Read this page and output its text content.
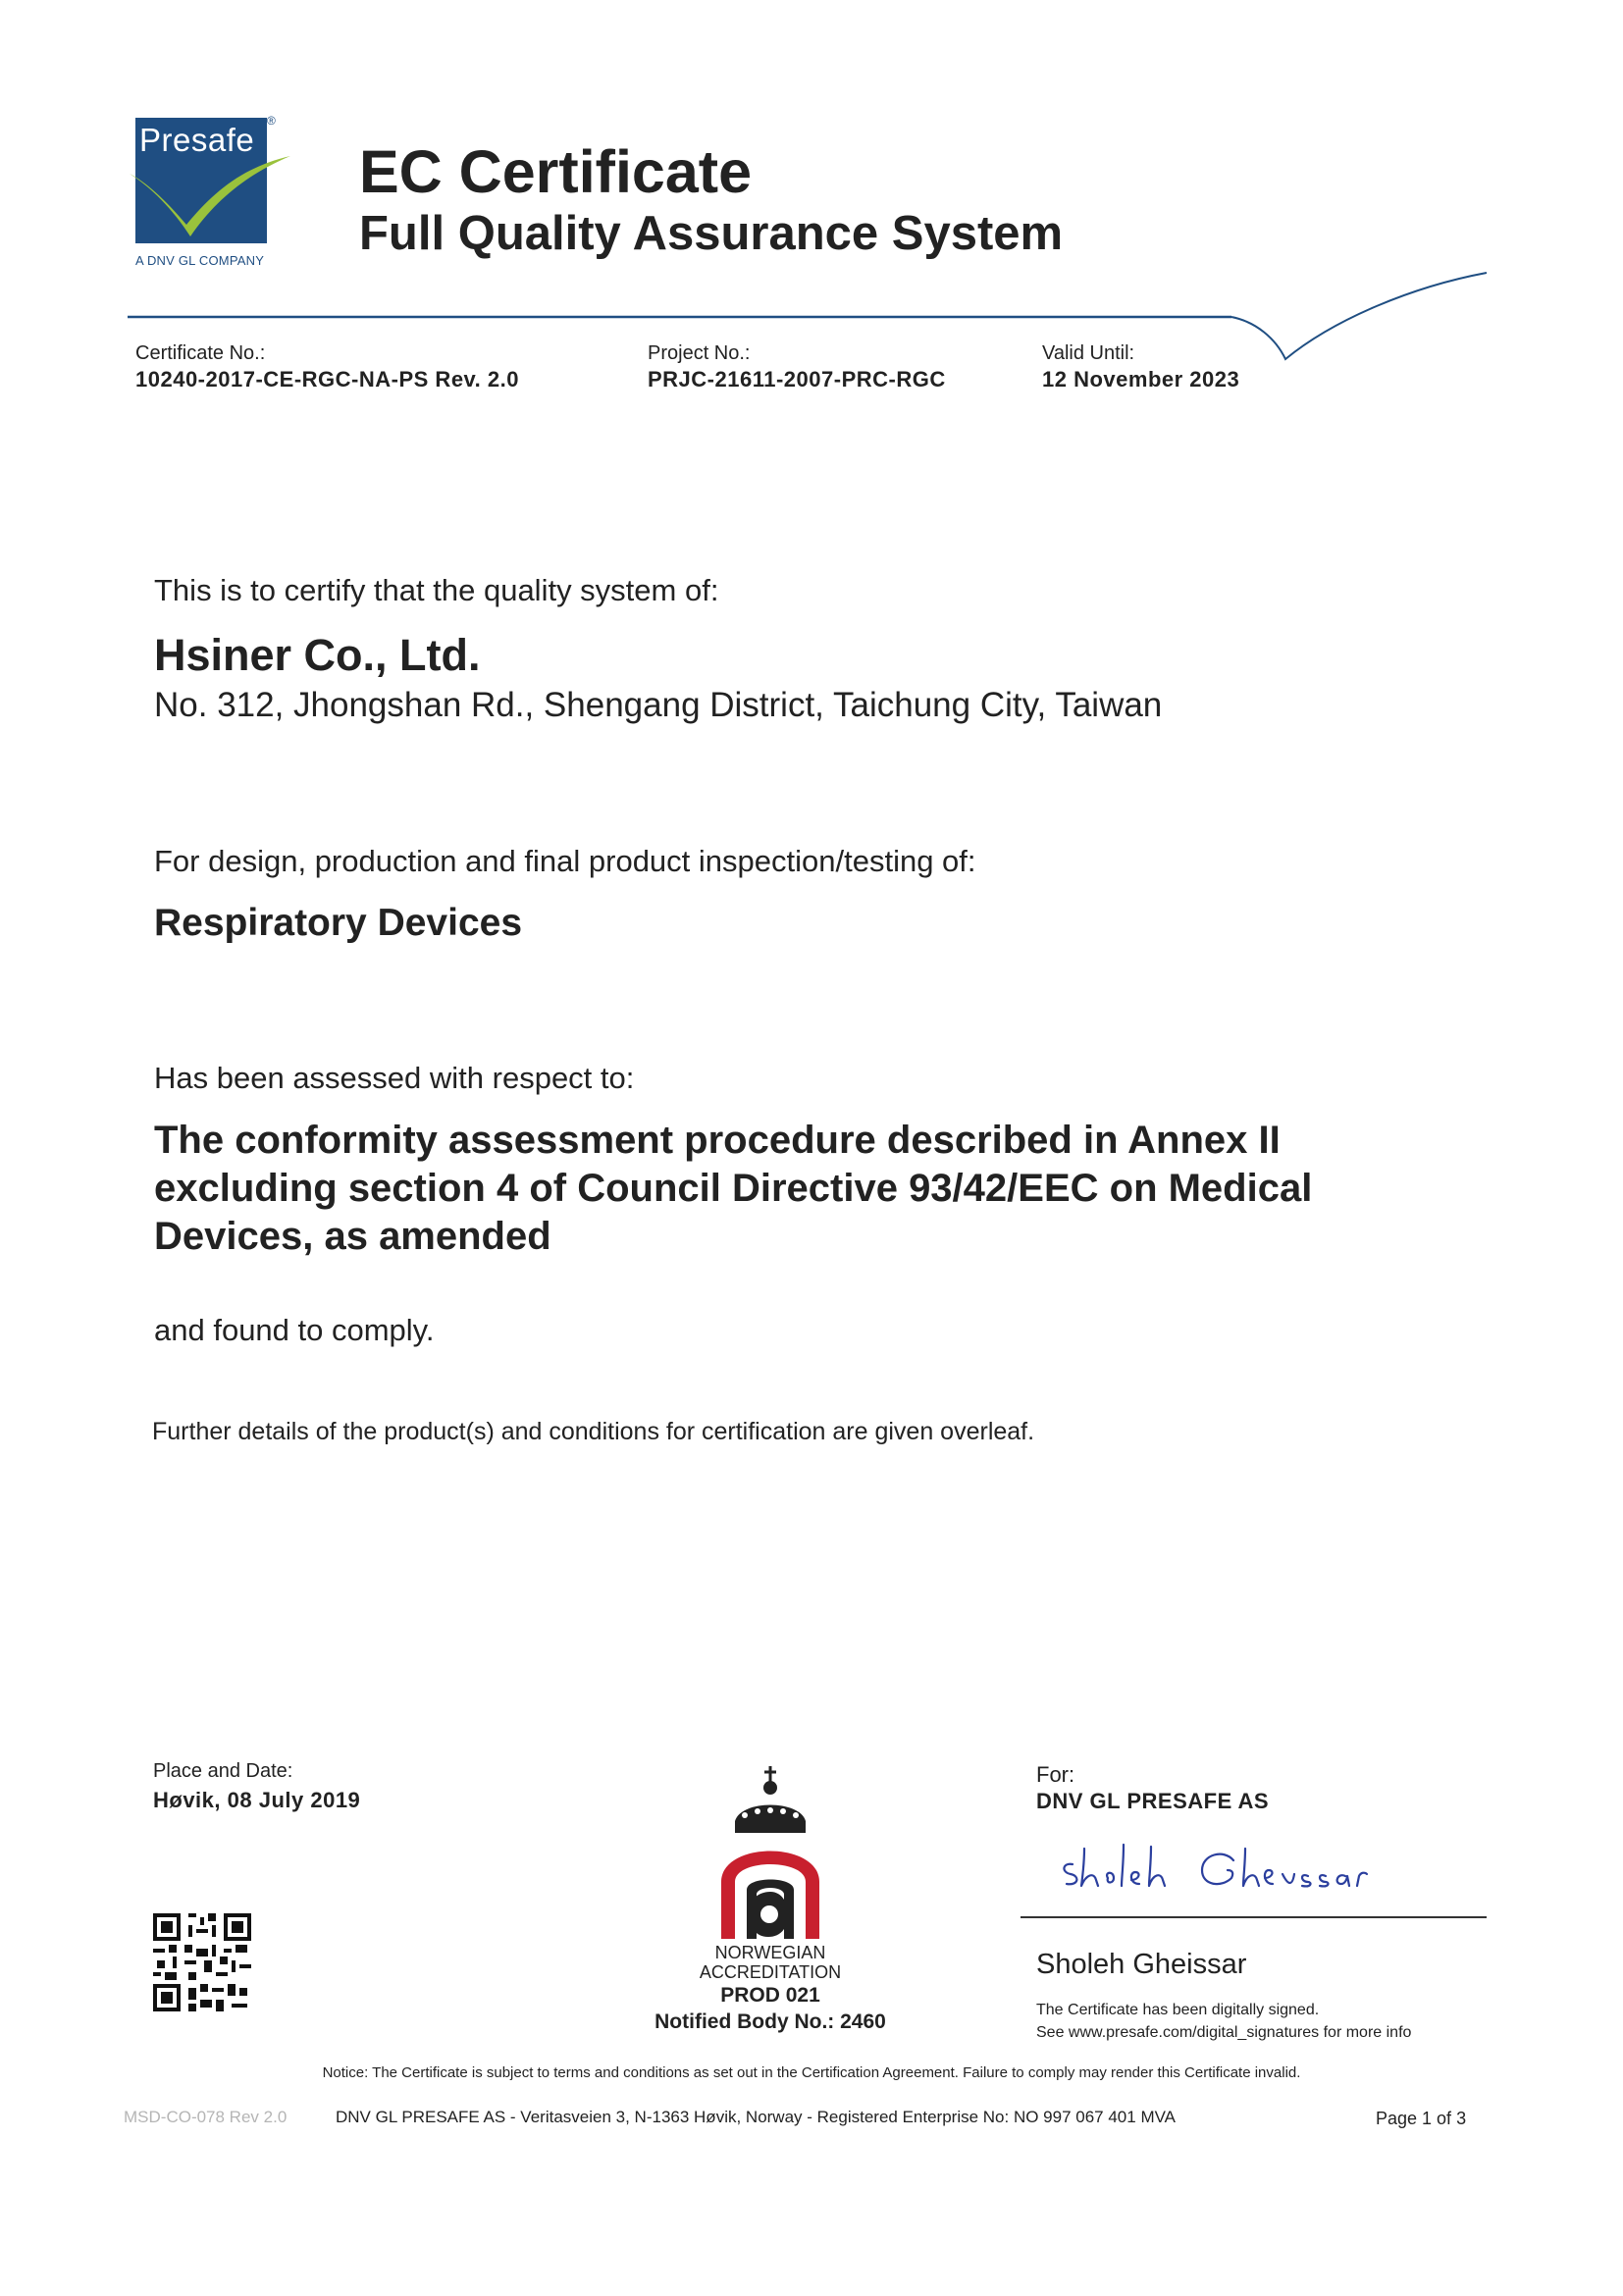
Presafe
®
A DNV GL COMPANY
EC Certificate
Full Quality Assurance System
Certificate No.:
10240-2017-CE-RGC-NA-PS Rev. 2.0
Project No.:
PRJC-21611-2007-PRC-RGC
Valid Until:
12 November 2023
This is to certify that the quality system of:
Hsiner Co., Ltd.
No. 312, Jhongshan Rd., Shengang District, Taichung City, Taiwan
For design, production and final product inspection/testing of:
Respiratory Devices
Has been assessed with respect to:
The conformity assessment procedure described in Annex II excluding section 4 of Council Directive 93/42/EEC on Medical Devices, as amended
and found to comply.
Further details of the product(s) and conditions for certification are given overleaf.
Place and Date:
Høvik, 08 July 2019
NORWEGIAN
ACCREDITATION
PROD 021
Notified Body No.: 2460
For:
DNV GL PRESAFE AS
Sholeh Gheissar
The Certificate has been digitally signed.
See www.presafe.com/digital_signatures for more info
Notice: The Certificate is subject to terms and conditions as set out in the Certification Agreement. Failure to comply may render this Certificate invalid.
MSD-CO-078 Rev 2.0	DNV GL PRESAFE AS - Veritasveien 3, N-1363 Høvik, Norway - Registered Enterprise No: NO 997 067 401 MVA	Page 1 of 3
